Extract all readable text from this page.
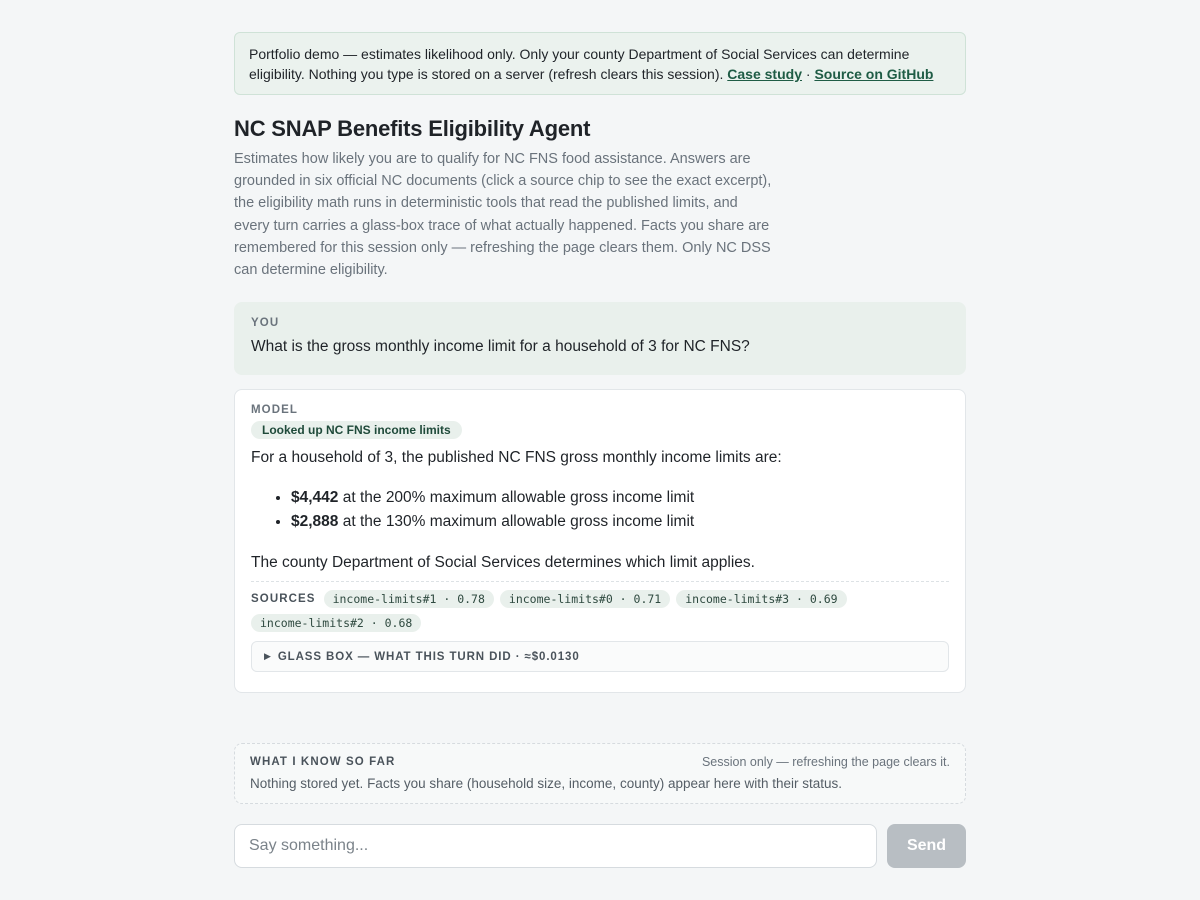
Portfolio demo — estimates likelihood only. Only your county Department of Social Services can determine eligibility. Nothing you type is stored on a server (refresh clears this session). Case study · Source on GitHub
NC SNAP Benefits Eligibility Agent

Estimates how likely you are to qualify for NC FNS food assistance. Answers are grounded in six official NC documents (click a source chip to see the exact excerpt), the eligibility math runs in deterministic tools that read the published limits, and every turn carries a glass-box trace of what actually happened. Facts you share are remembered for this session only — refreshing the page clears them. Only NC DSS can determine eligibility.

YOU
What is the gross monthly income limit for a household of 3 for NC FNS?
MODEL
Looked up NC FNS income limits

For a household of 3, the published NC FNS gross monthly income limits are:

• $4,442 at the 200% maximum allowable gross income limit
• $2,888 at the 130% maximum allowable gross income limit

The county Department of Social Services determines which limit applies.

SOURCES	income-limits#1 · 0.78	income-limits#0 · 0.71	income-limits#3 · 0.69
income-limits#2 · 0.68
▶ GLASS BOX — WHAT THIS TURN DID · ≈$0.0130
WHAT I KNOW SO FAR	Session only — refreshing the page clears it.
Nothing stored yet. Facts you share (household size, income, county) appear here with their status.
Say something...
Send
